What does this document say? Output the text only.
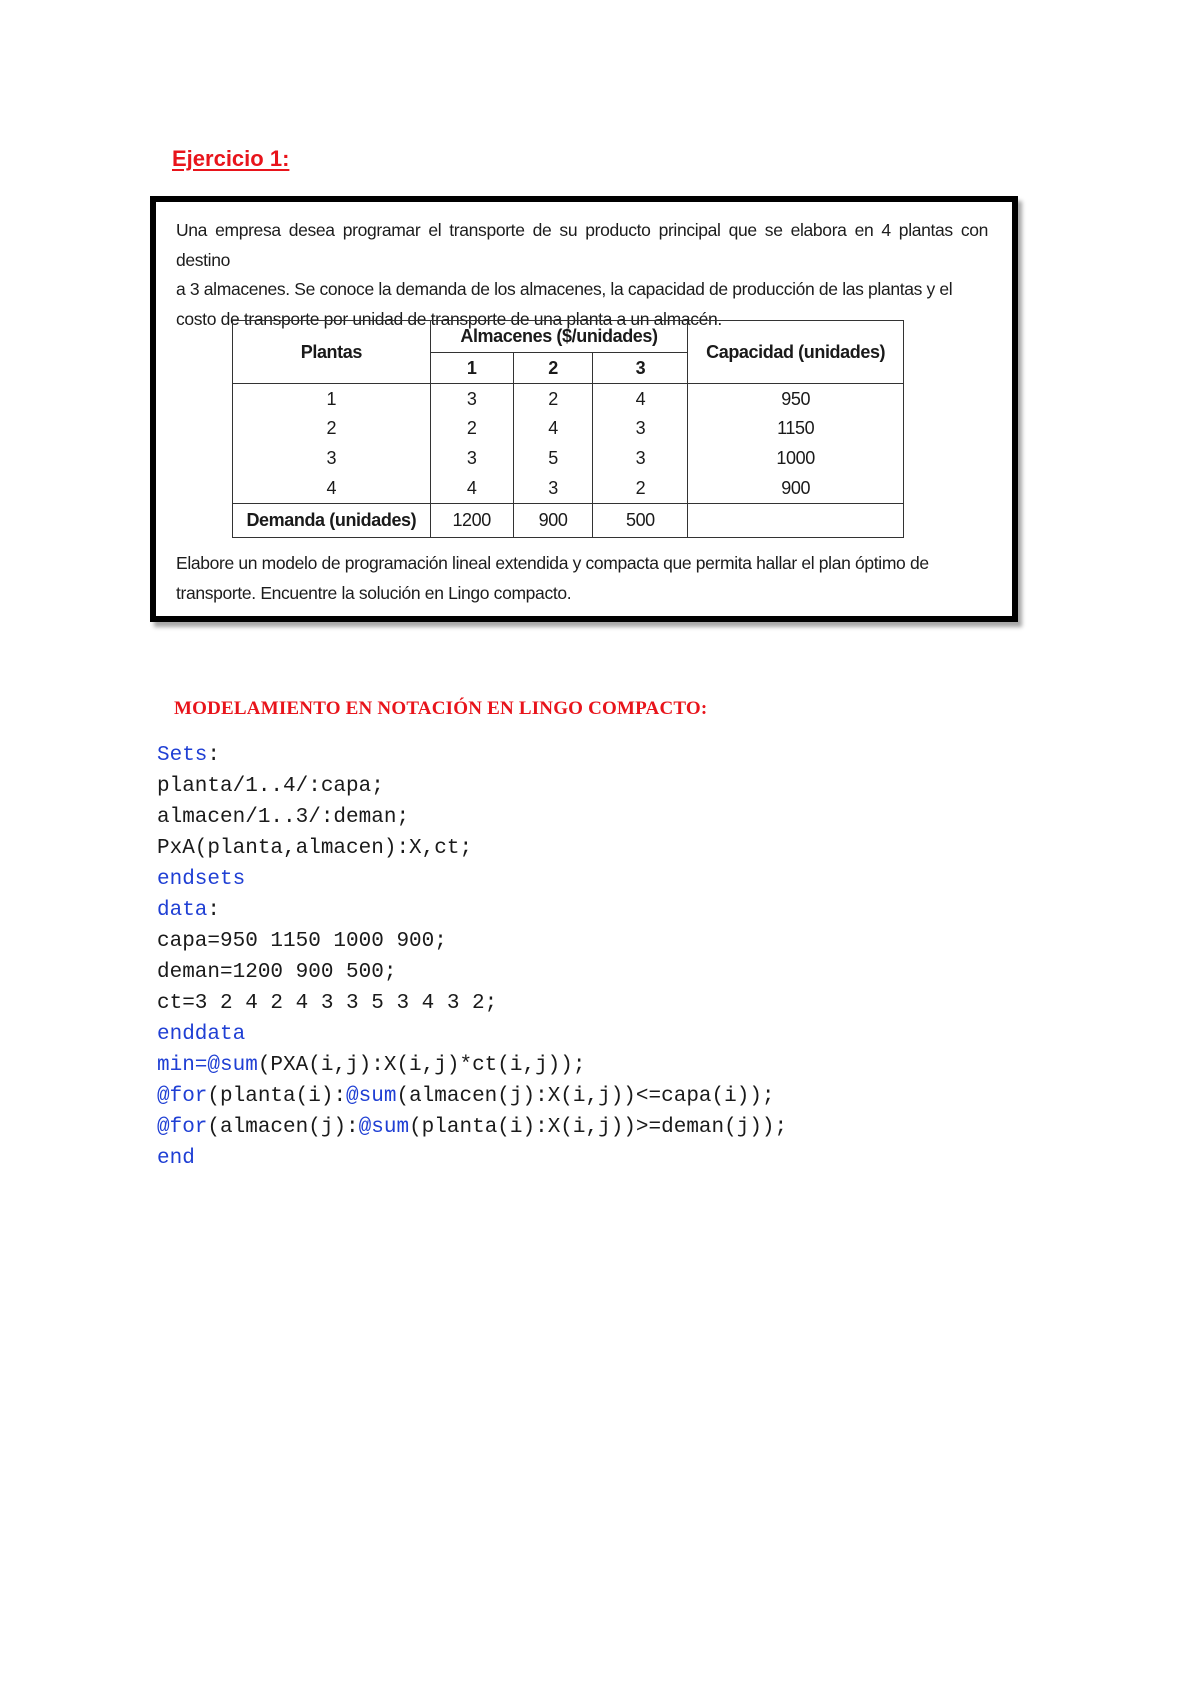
Ejercicio 1:
Una empresa desea programar el transporte de su producto principal que se elabora en 4 plantas con destino
a 3 almacenes. Se conoce la demanda de los almacenes, la capacidad de producción de las plantas y el
costo de transporte por unidad de transporte de una planta a un almacén.
Plantas	Almacenes ($/unidades)			Capacidad (unidades)
	1	2	3	
1	3	2	4	950
2	2	4	3	1150
3	3	5	3	1000
4	4	3	2	900
Demanda (unidades)	1200	900	500	
Elabore un modelo de programación lineal extendida y compacta que permita hallar el plan óptimo de
transporte. Encuentre la solución en Lingo compacto.
MODELAMIENTO EN NOTACIÓN EN LINGO COMPACTO:
Sets:
planta/1..4/:capa;
almacen/1..3/:deman;
PxA(planta,almacen):X,ct;
endsets
data:
capa=950 1150 1000 900;
deman=1200 900 500;
ct=3 2 4 2 4 3 3 5 3 4 3 2;
enddata
min=@sum(PXA(i,j):X(i,j)*ct(i,j));
@for(planta(i):@sum(almacen(j):X(i,j))<=capa(i));
@for(almacen(j):@sum(planta(i):X(i,j))>=deman(j));
end
